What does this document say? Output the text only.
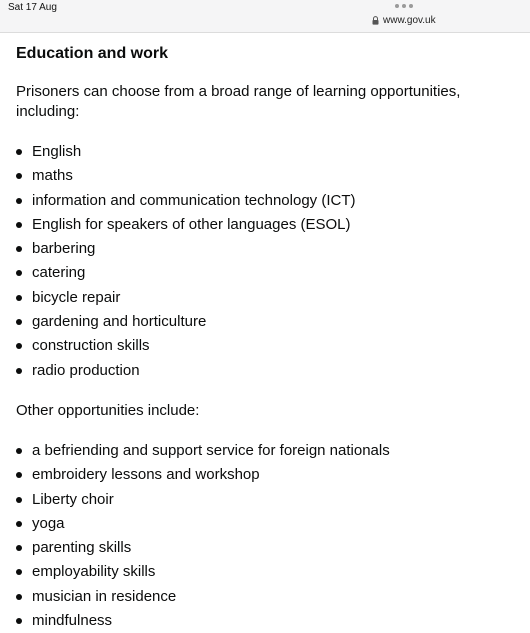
Sat 17 Aug
www.gov.uk
Education and work

Prisoners can choose from a broad range of learning opportunities, including:

English
maths
information and communication technology (ICT)
English for speakers of other languages (ESOL)
barbering
catering
bicycle repair
gardening and horticulture
construction skills
radio production

Other opportunities include:

a befriending and support service for foreign nationals
embroidery lessons and workshop
Liberty choir
yoga
parenting skills
employability skills
musician in residence
mindfulness
